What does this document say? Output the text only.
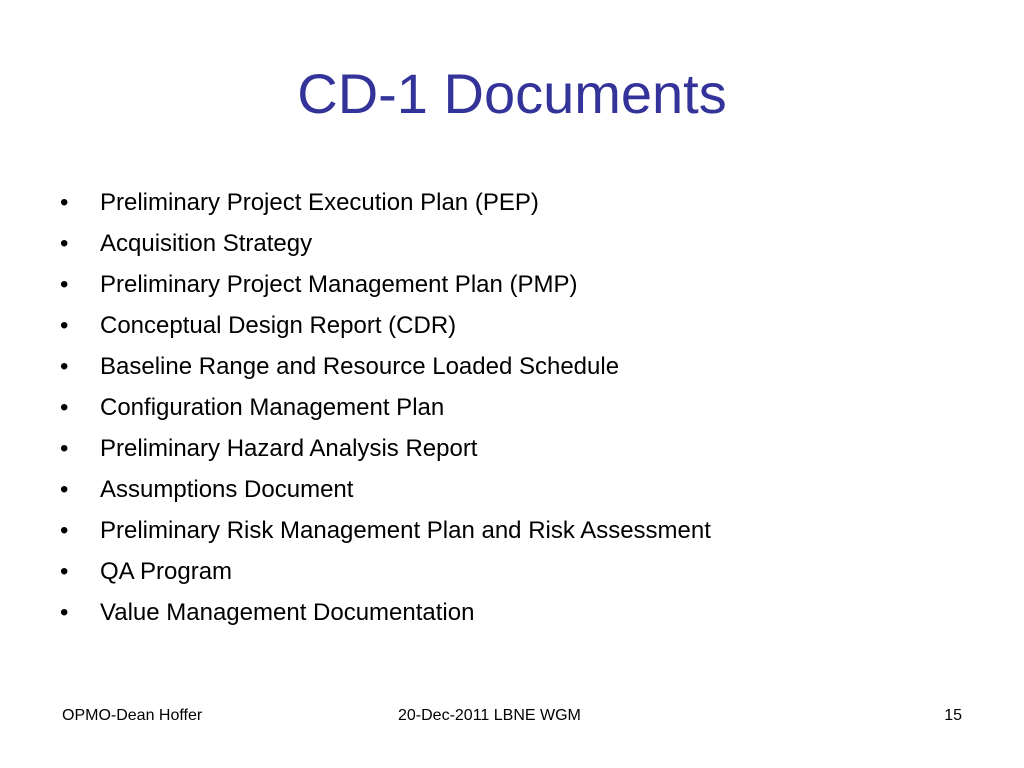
CD-1 Documents
•	Preliminary Project Execution Plan (PEP)
•	Acquisition Strategy
•	Preliminary Project Management Plan (PMP)
•	Conceptual Design Report (CDR)
•	Baseline Range and Resource Loaded Schedule
•	Configuration Management Plan
•	Preliminary Hazard Analysis Report
•	Assumptions Document
•	Preliminary Risk Management Plan and Risk Assessment
•	QA Program
•	Value Management Documentation
OPMO-Dean Hoffer	20-Dec-2011 LBNE WGM	15
